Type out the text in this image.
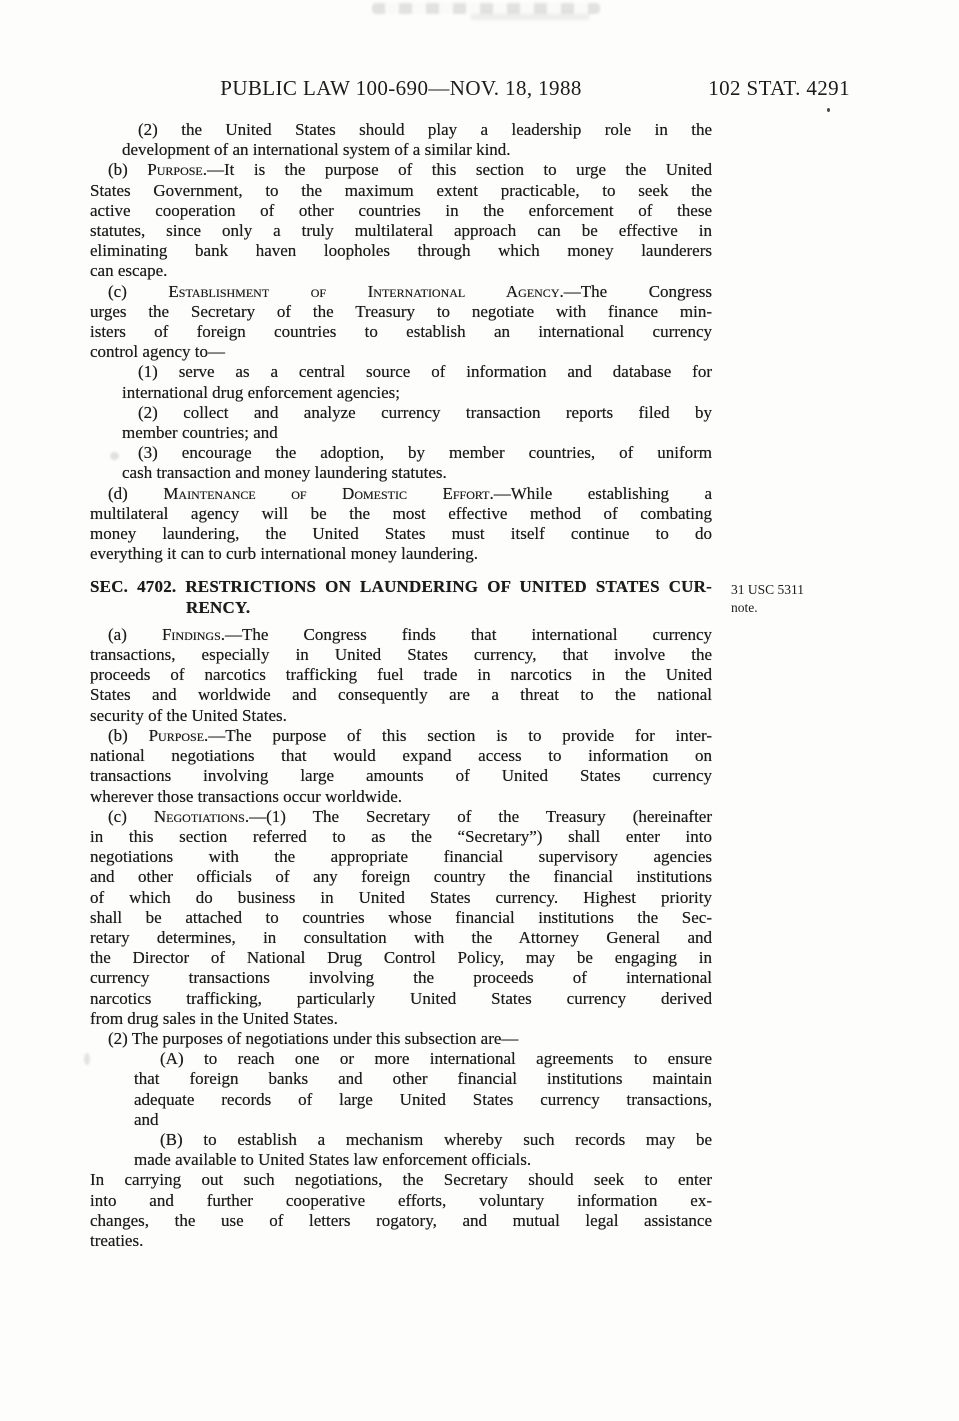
PUBLIC LAW 100-690—NOV. 18, 1988	102 STAT. 4291
(2) the United States should play a leadership role in the
development of an international system of a similar kind.
(b) Purpose.—It is the purpose of this section to urge the United
States Government, to the maximum extent practicable, to seek the
active cooperation of other countries in the enforcement of these
statutes, since only a truly multilateral approach can be effective in
eliminating bank haven loopholes through which money launderers
can escape.
(c) Establishment of International Agency.—The Congress
urges the Secretary of the Treasury to negotiate with finance min-
isters of foreign countries to establish an international currency
control agency to—
(1) serve as a central source of information and database for
international drug enforcement agencies;
(2) collect and analyze currency transaction reports filed by
member countries; and
(3) encourage the adoption, by member countries, of uniform
cash transaction and money laundering statutes.
(d) Maintenance of Domestic Effort.—While establishing a
multilateral agency will be the most effective method of combating
money laundering, the United States must itself continue to do
everything it can to curb international money laundering.
SEC. 4702. RESTRICTIONS ON LAUNDERING OF UNITED STATES CUR-
RENCY.
(a) Findings.—The Congress finds that international currency
transactions, especially in United States currency, that involve the
proceeds of narcotics trafficking fuel trade in narcotics in the United
States and worldwide and consequently are a threat to the national
security of the United States.
(b) Purpose.—The purpose of this section is to provide for inter-
national negotiations that would expand access to information on
transactions involving large amounts of United States currency
wherever those transactions occur worldwide.
(c) Negotiations.—(1) The Secretary of the Treasury (hereinafter
in this section referred to as the “Secretary”) shall enter into
negotiations with the appropriate financial supervisory agencies
and other officials of any foreign country the financial institutions
of which do business in United States currency. Highest priority
shall be attached to countries whose financial institutions the Sec-
retary determines, in consultation with the Attorney General and
the Director of National Drug Control Policy, may be engaging in
currency transactions involving the proceeds of international
narcotics trafficking, particularly United States currency derived
from drug sales in the United States.
(2) The purposes of negotiations under this subsection are—
(A) to reach one or more international agreements to ensure
that foreign banks and other financial institutions maintain
adequate records of large United States currency transactions,
and
(B) to establish a mechanism whereby such records may be
made available to United States law enforcement officials.
In carrying out such negotiations, the Secretary should seek to enter
into and further cooperative efforts, voluntary information ex-
changes, the use of letters rogatory, and mutual legal assistance
treaties.
31 USC 5311
note.
